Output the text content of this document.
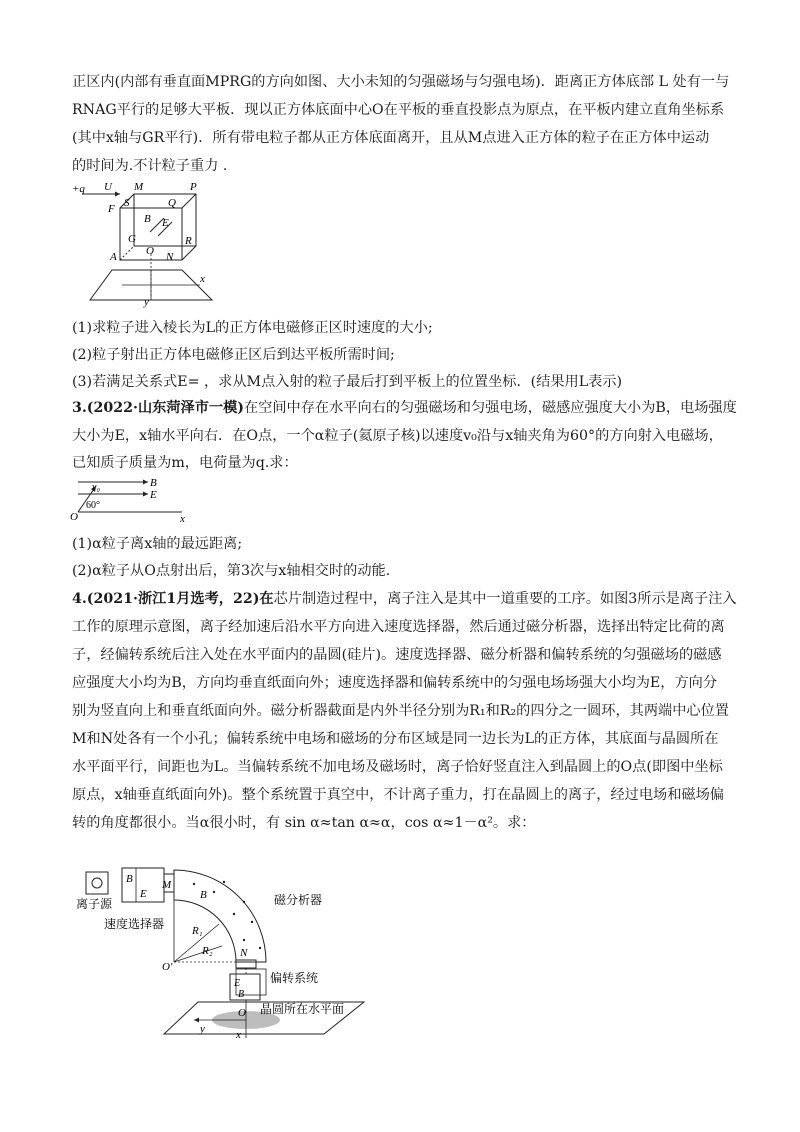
正区内(内部有垂直面MPRG的方向如图、大小未知的匀强磁场与匀强电场)．距离正方体底部 L 处有一与
RNAG平行的足够大平板．现以正方体底面中心O在平板的垂直投影点为原点，在平板内建立直角坐标系
(其中x轴与GR平行)．所有带电粒子都从正方体底面离开，且从M点进入正方体的粒子在正方体中运动
的时间为.不计粒子重力 .
+q U M	P
F S	Q
B E
G	R
O
A	N
x
y
(1)求粒子进入棱长为L的正方体电磁修正区时速度的大小;
(2)粒子射出正方体电磁修正区后到达平板所需时间;
(3)若满足关系式E= ，求从M点入射的粒子最后打到平板上的位置坐标．(结果用L表示)
3.(2022·山东菏泽市一模)在空间中存在水平向右的匀强磁场和匀强电场，磁感应强度大小为B，电场强度
大小为E，x轴水平向右．在O点，一个α粒子(氦原子核)以速度v₀沿与x轴夹角为60°的方向射入电磁场，
已知质子质量为m，电荷量为q.求：
v₀	B
E
60°
O	x
(1)α粒子离x轴的最远距离;
(2)α粒子从O点射出后，第3次与x轴相交时的动能.
4.(2021·浙江1月选考，22)在芯片制造过程中，离子注入是其中一道重要的工序。如图3所示是离子注入
工作的原理示意图，离子经加速后沿水平方向进入速度选择器，然后通过磁分析器，选择出特定比荷的离
子，经偏转系统后注入处在水平面内的晶圆(硅片)。速度选择器、磁分析器和偏转系统的匀强磁场的磁感
应强度大小均为B，方向均垂直纸面向外；速度选择器和偏转系统中的匀强电场场强大小均为E，方向分
别为竖直向上和垂直纸面向外。磁分析器截面是内外半径分别为R₁和R₂的四分之一圆环，其两端中心位置
M和N处各有一个小孔；偏转系统中电场和磁场的分布区域是同一边长为L的正方体，其底面与晶圆所在
水平面平行，间距也为L。当偏转系统不加电场及磁场时，离子恰好竖直注入到晶圆上的O点(即图中坐标
原点，x轴垂直纸面向外)。整个系统置于真空中，不计离子重力，打在晶圆上的离子，经过电场和磁场偏
转的角度都很小。当α很小时，有 sin α≈tan α≈α，cos α≈1－α²。求：
离子源
B
E
速度选择器
M
R₁
R₂
B	磁分析器
O'
N
E
B
偏转系统
O 晶圆所在水平面
y	x
